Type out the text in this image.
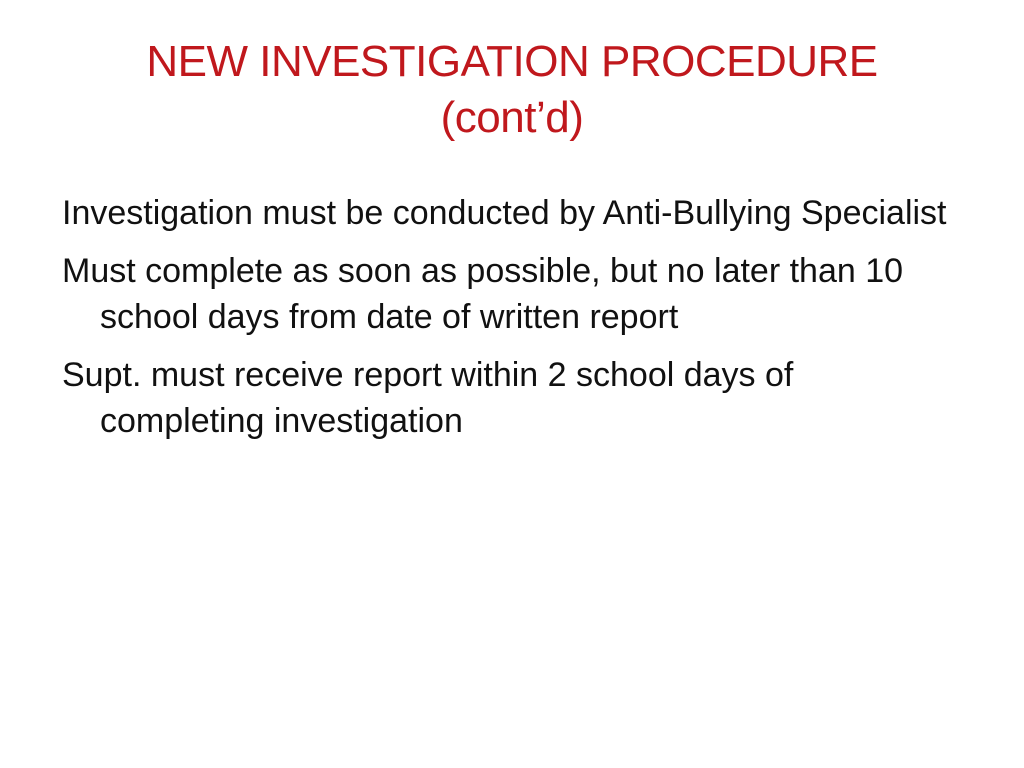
NEW INVESTIGATION PROCEDURE
(cont’d)
Investigation must be conducted by Anti-Bullying Specialist
Must complete as soon as possible, but no later than 10 school days from date of written report
Supt. must receive report within 2 school days of completing investigation
